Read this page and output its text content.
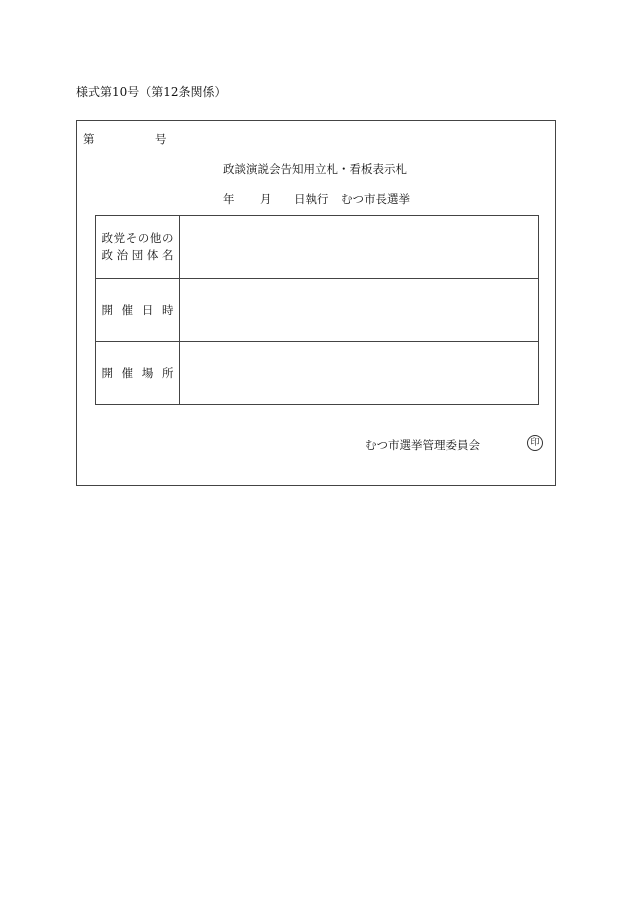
様式第10号（第12条関係）
第	号
政談演説会告知用立札・看板表示札
年 月 日執行 むつ市長選挙
政党その他の
政治団体名	
開催日時	
開催場所	
むつ市選挙管理委員会	印
